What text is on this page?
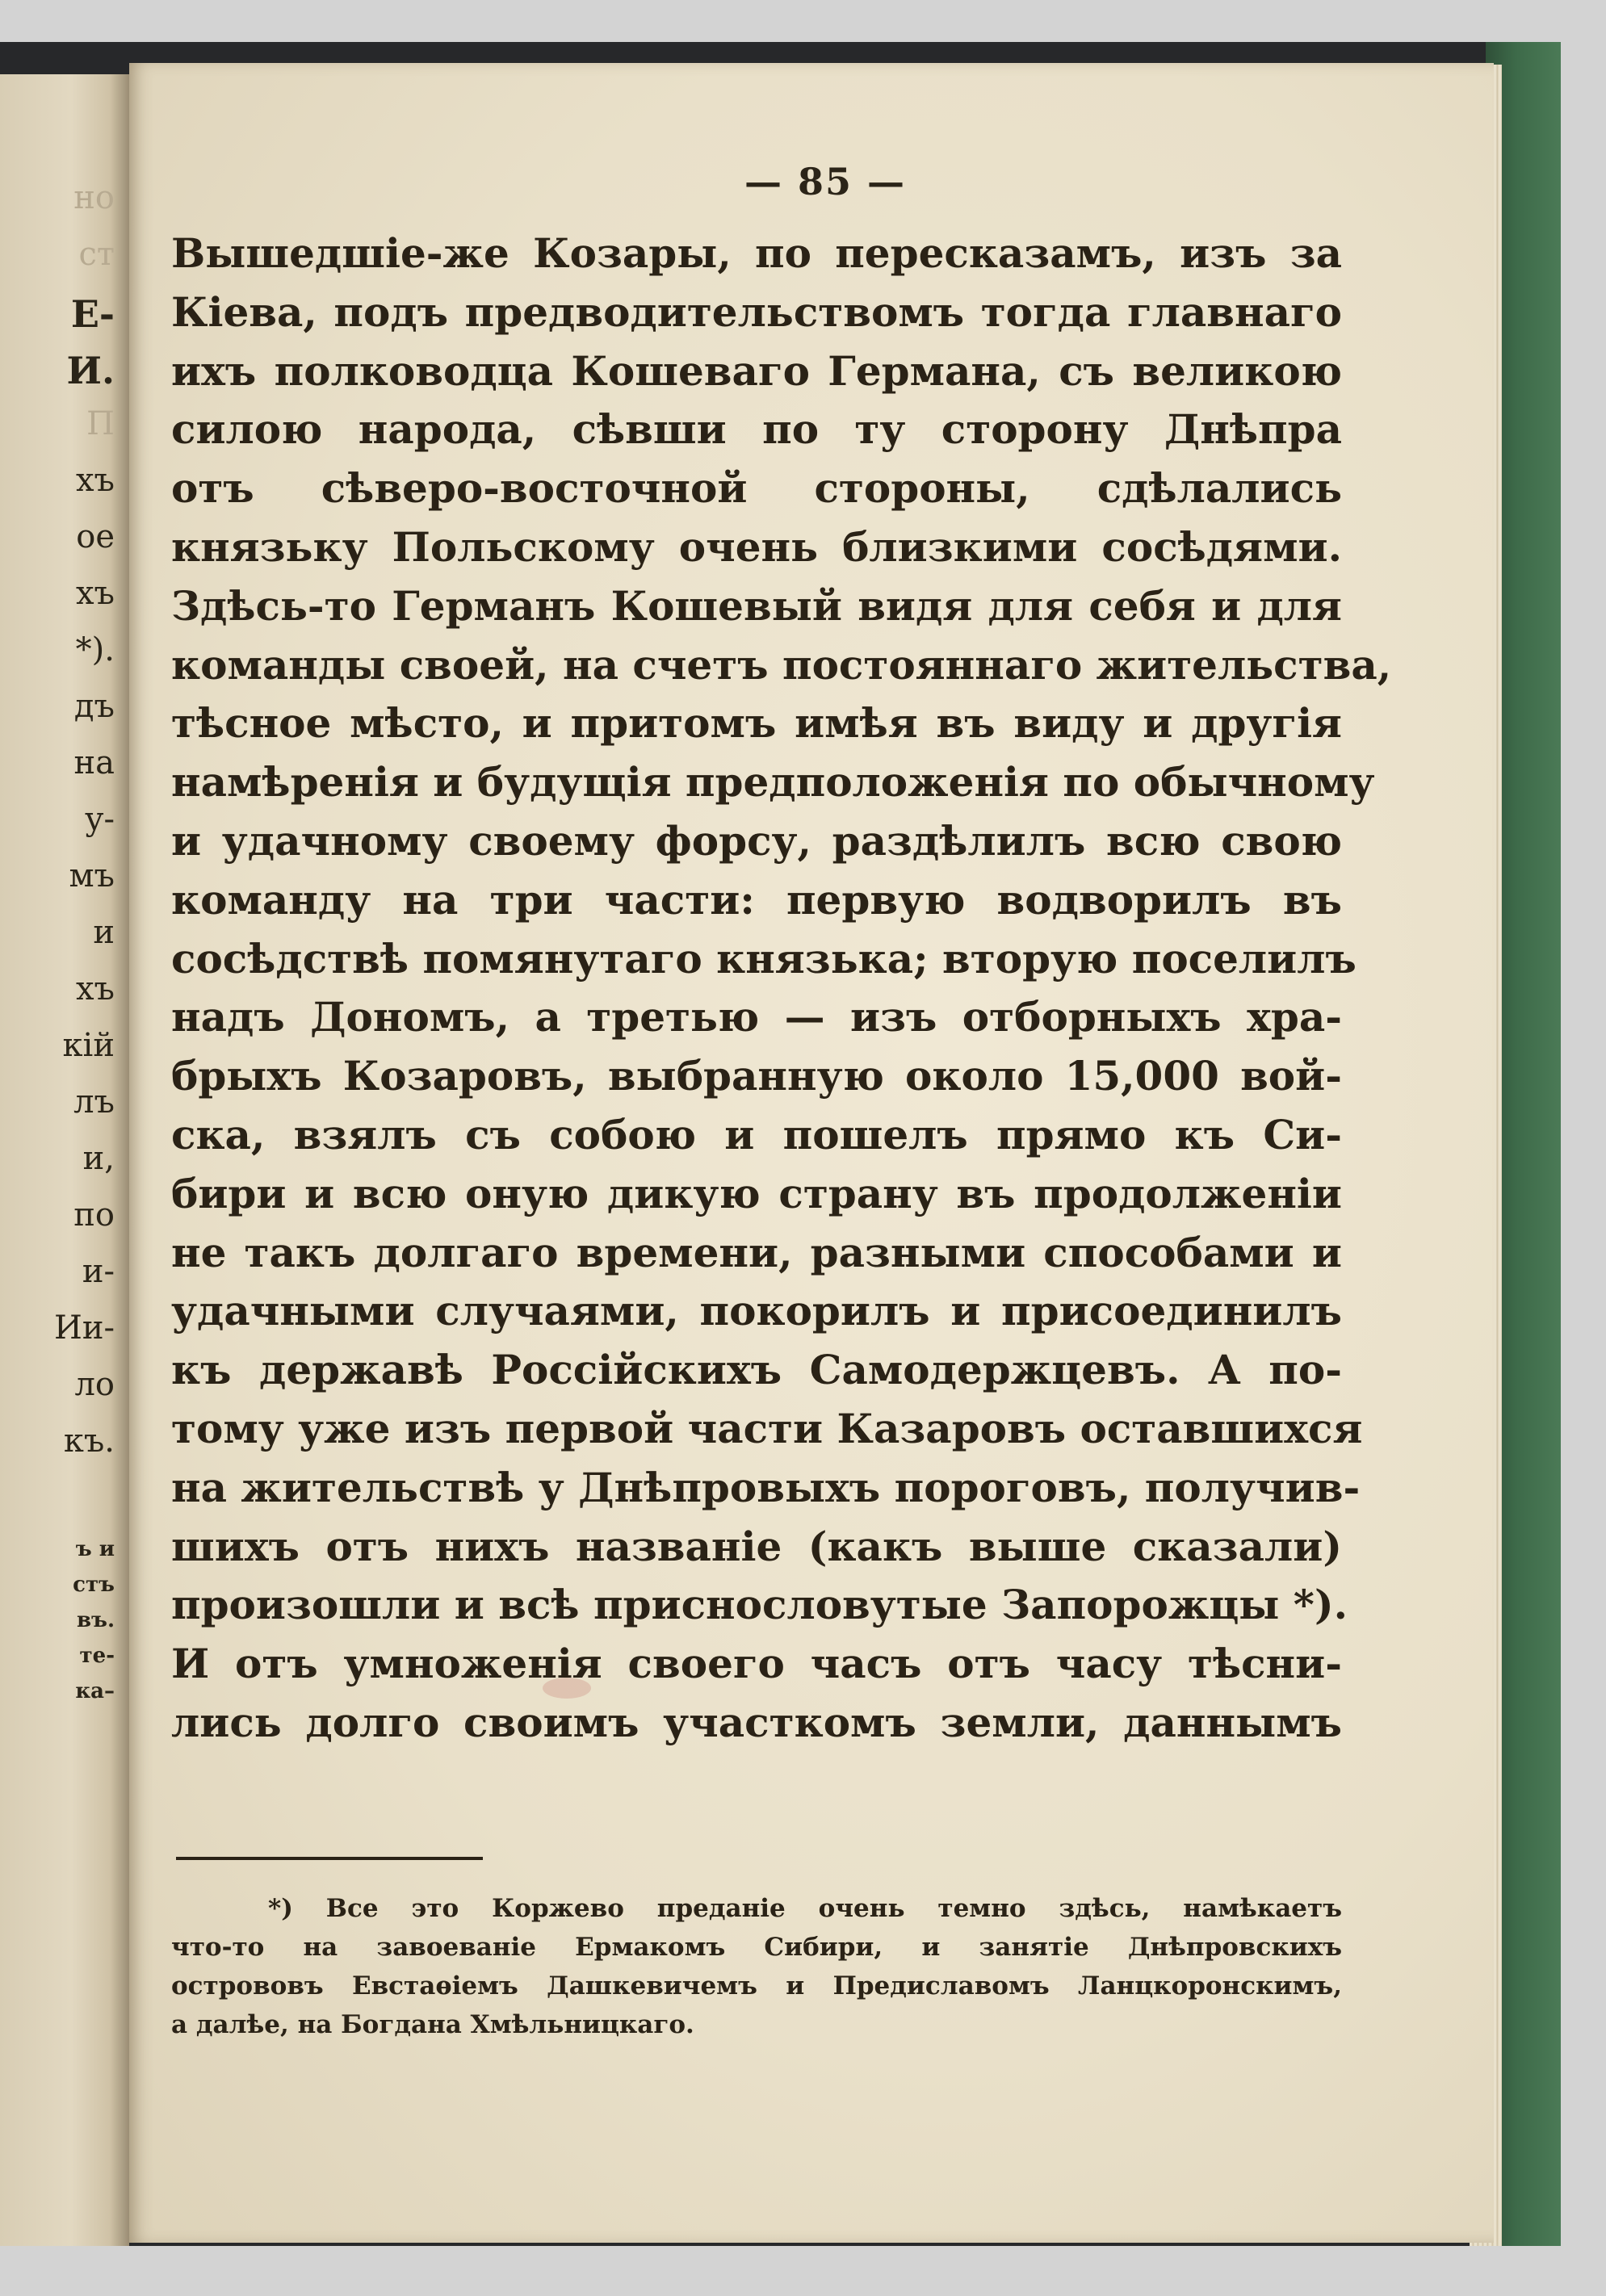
но
ст
Е-
И.
П
хъ
ое
хъ
*).
дъ
на
у-
мъ
и
хъ
кій
лъ
и,
по
и-
Ии-
ло
къ.
ъ и
стъ
въ.
те-
ка–
— 85 —
Вышедшіе-же Козары, по пересказамъ, изъ за
Кіева, подъ предводительствомъ тогда главнаго
ихъ полководца Кошеваго Германа, съ великою
силою народа, сѣвши по ту сторону Днѣпра
отъ сѣверо-восточной стороны, сдѣлались
князьку Польскому очень близкими сосѣдями.
Здѣсь-то Германъ Кошевый видя для себя и для
команды своей, на счетъ постояннаго жительства,
тѣсное мѣсто, и притомъ имѣя въ виду и другія
намѣренія и будущія предположенія по обычному
и удачному своему форсу, раздѣлилъ всю свою
команду на три части: первую водворилъ въ
сосѣдствѣ помянутаго князька; вторую поселилъ
надъ Дономъ, а третью — изъ отборныхъ хра-
брыхъ Козаровъ, выбранную около 15,000 вой-
ска, взялъ съ собою и пошелъ прямо къ Си-
бири и всю оную дикую страну въ продолженіи
не такъ долгаго времени, разными способами и
удачными случаями, покорилъ и присоединилъ
къ державѣ Россійскихъ Самодержцевъ. А по-
тому уже изъ первой части Казаровъ оставшихся
на жительствѣ у Днѣпровыхъ пороговъ, получив-
шихъ отъ нихъ названіе (какъ выше сказали)
произошли и всѣ приснословутые Запорожцы *).
И отъ умноженія своего часъ отъ часу тѣсни-
лись долго своимъ участкомъ земли, даннымъ
*) Все это Коржево преданіе очень темно здѣсь, намѣкаетъ
что-то на завоеваніе Ермакомъ Сибири, и занятіе Днѣпровскихъ
острововъ Евстаѳіемъ Дашкевичемъ и Предиславомъ Ланцкоронскимъ,
а далѣе, на Богдана Хмѣльницкаго.
